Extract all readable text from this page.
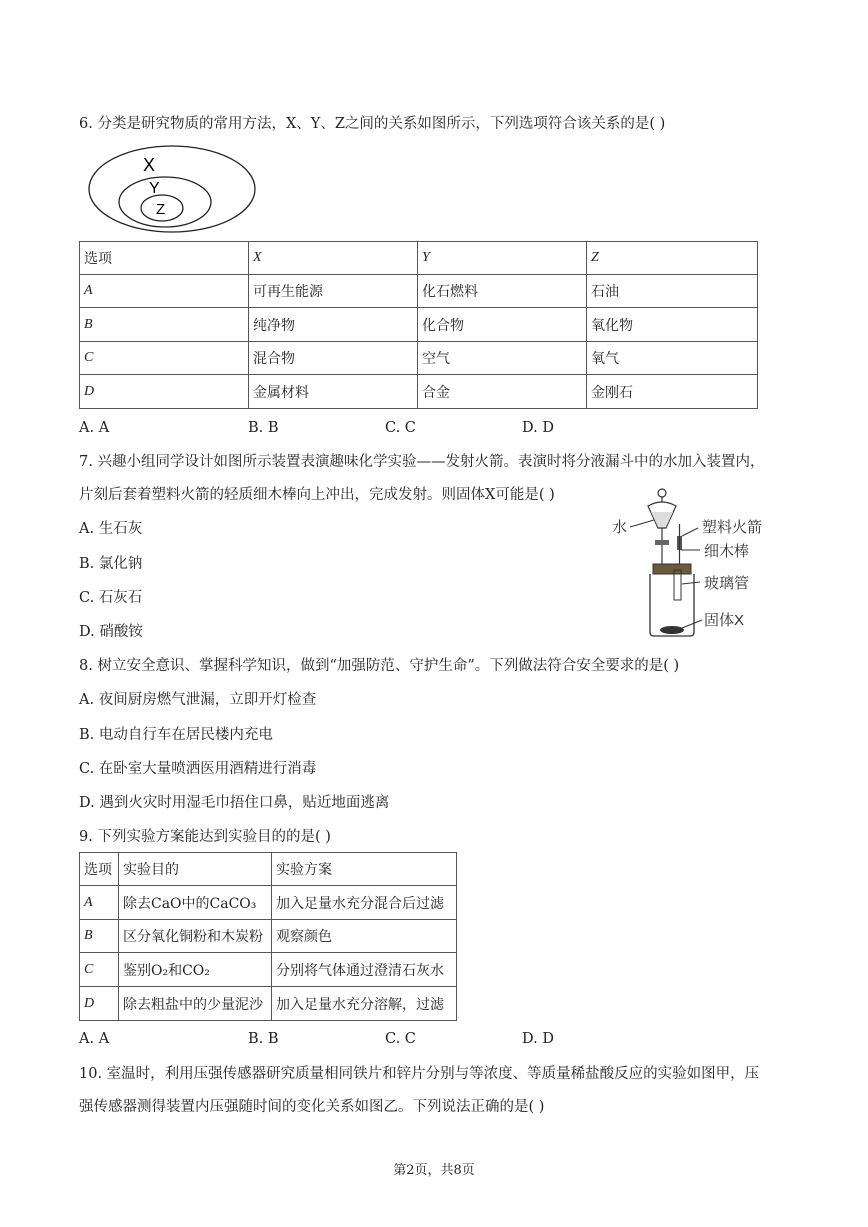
6. 分类是研究物质的常用方法，X、Y、Z之间的关系如图所示，下列选项符合该关系的是( )
X
Y
Z
选项	X	Y	Z
A	可再生能源	化石燃料	石油
B	纯净物	化合物	氧化物
C	混合物	空气	氧气
D	金属材料	合金	金刚石
A. A	B. B	C. C	D. D
7. 兴趣小组同学设计如图所示装置表演趣味化学实验——发射火箭。表演时将分液漏斗中的水加入装置内，
片刻后套着塑料火箭的轻质细木棒向上冲出，完成发射。则固体X可能是( )
A. 生石灰
B. 氯化钠
C. 石灰石
D. 硝酸铵
水	塑料火箭
细木棒
玻璃管
固体X
8. 树立安全意识、掌握科学知识，做到“加强防范、守护生命”。下列做法符合安全要求的是( )
A. 夜间厨房燃气泄漏，立即开灯检查
B. 电动自行车在居民楼内充电
C. 在卧室大量喷洒医用酒精进行消毒
D. 遇到火灾时用湿毛巾捂住口鼻，贴近地面逃离
9. 下列实验方案能达到实验目的的是( )
选项	实验目的	实验方案
A	除去CaO中的CaCO₃	加入足量水充分混合后过滤
B	区分氧化铜粉和木炭粉	观察颜色
C	鉴别O₂和CO₂	分别将气体通过澄清石灰水
D	除去粗盐中的少量泥沙	加入足量水充分溶解，过滤
A. A	B. B	C. C	D. D
10. 室温时，利用压强传感器研究质量相同铁片和锌片分别与等浓度、等质量稀盐酸反应的实验如图甲，压
强传感器测得装置内压强随时间的变化关系如图乙。下列说法正确的是( )
第2页，共8页
